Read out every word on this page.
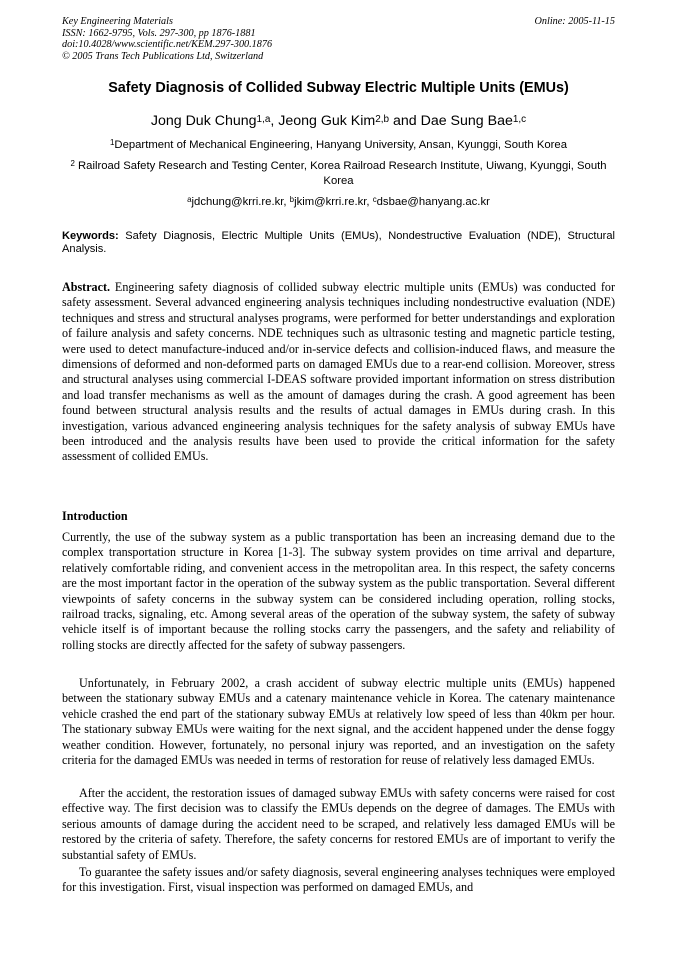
Key Engineering Materials
ISSN: 1662-9795, Vols. 297-300, pp 1876-1881
doi:10.4028/www.scientific.net/KEM.297-300.1876
© 2005 Trans Tech Publications Ltd, Switzerland
Online: 2005-11-15
Safety Diagnosis of Collided Subway Electric Multiple Units (EMUs)
Jong Duk Chung$^{1,a}$, Jeong Guk Kim$^{2,b}$ and Dae Sung Bae$^{1,c}$
$^1$Department of Mechanical Engineering, Hanyang University, Ansan, Kyunggi, South Korea
$^2$ Railroad Safety Research and Testing Center, Korea Railroad Research Institute, Uiwang, Kyunggi, South Korea
$^a$jdchung@krri.re.kr, $^b$jkim@krri.re.kr, $^c$dsbae@hanyang.ac.kr
Keywords: Safety Diagnosis, Electric Multiple Units (EMUs), Nondestructive Evaluation (NDE), Structural Analysis.
Abstract. Engineering safety diagnosis of collided subway electric multiple units (EMUs) was conducted for safety assessment. Several advanced engineering analysis techniques including nondestructive evaluation (NDE) techniques and stress and structural analyses programs, were performed for better understandings and exploration of failure analysis and safety concerns. NDE techniques such as ultrasonic testing and magnetic particle testing, were used to detect manufacture-induced and/or in-service defects and collision-induced flaws, and measure the dimensions of deformed and non-deformed parts on damaged EMUs due to a rear-end collision. Moreover, stress and structural analyses using commercial I-DEAS software provided important information on stress distribution and load transfer mechanisms as well as the amount of damages during the crash. A good agreement has been found between structural analysis results and the results of actual damages in EMUs during crash. In this investigation, various advanced engineering analysis techniques for the safety analysis of subway EMUs have been introduced and the analysis results have been used to provide the critical information for the safety assessment of collided EMUs.
Introduction
Currently, the use of the subway system as a public transportation has been an increasing demand due to the complex transportation structure in Korea [1-3]. The subway system provides on time arrival and departure, relatively comfortable riding, and convenient access in the metropolitan area. In this respect, the safety concerns are the most important factor in the operation of the subway system as the public transportation. Several different viewpoints of safety concerns in the subway system can be considered including operation, rolling stocks, railroad tracks, signaling, etc. Among several areas of the operation of the subway system, the safety of subway vehicle itself is of important because the rolling stocks carry the passengers, and the safety and reliability of rolling stocks are directly affected for the safety of subway passengers.
Unfortunately, in February 2002, a crash accident of subway electric multiple units (EMUs) happened between the stationary subway EMUs and a catenary maintenance vehicle in Korea. The catenary maintenance vehicle crashed the end part of the stationary subway EMUs at relatively low speed of less than 40km per hour. The stationary subway EMUs were waiting for the next signal, and the accident happened under the dense foggy weather condition. However, fortunately, no personal injury was reported, and an investigation on the safety criteria for the damaged EMUs was needed in terms of restoration for reuse of relatively less damaged EMUs.
After the accident, the restoration issues of damaged subway EMUs with safety concerns were raised for cost effective way. The first decision was to classify the EMUs depends on the degree of damages. The EMUs with serious amounts of damage during the accident need to be scraped, and relatively less damaged EMUs will be restored by the criteria of safety. Therefore, the safety concerns for restored EMUs are of important to verify the substantial safety of EMUs.
To guarantee the safety issues and/or safety diagnosis, several engineering analyses techniques were employed for this investigation. First, visual inspection was performed on damaged EMUs, and
